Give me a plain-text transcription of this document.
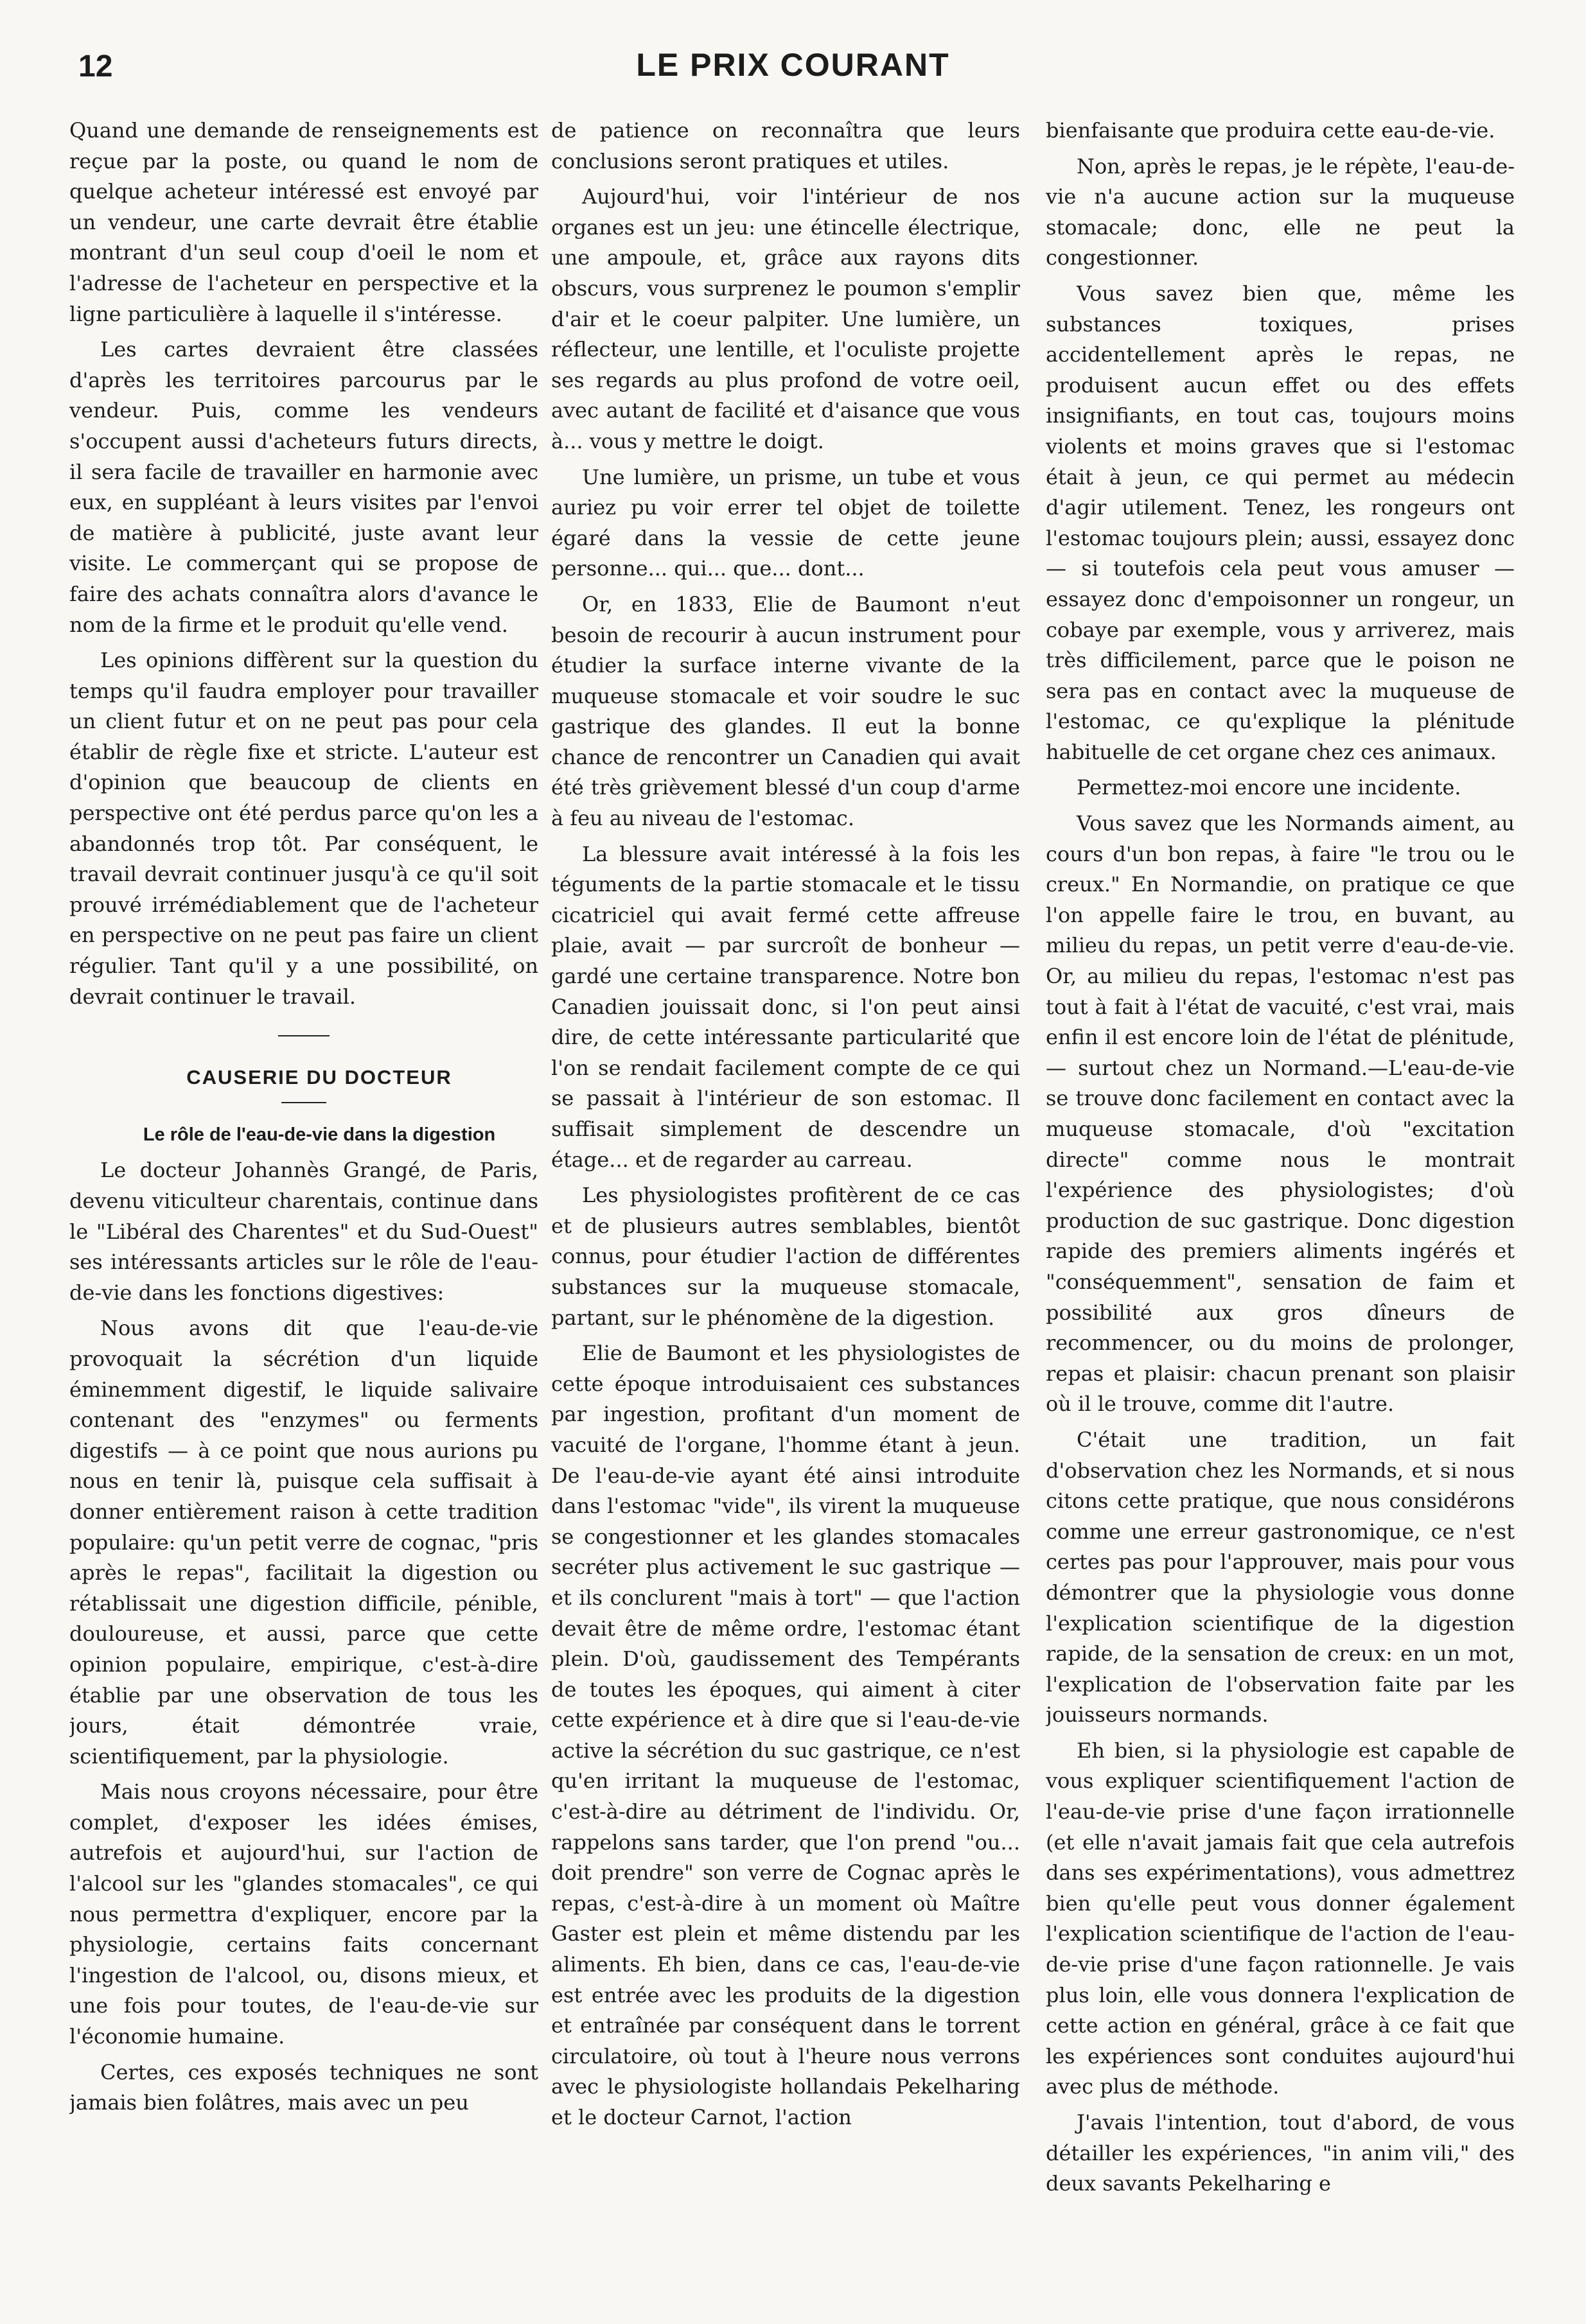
12	LE PRIX COURANT

Quand une demande de renseignements est reçue par la poste, ou quand le nom de quelque acheteur intéressé est envoyé par un vendeur, une carte devrait être établie montrant d'un seul coup d'oeil le nom et l'adresse de l'acheteur en perspective et la ligne particulière à laquelle il s'intéresse.

Les cartes devraient être classées d'après les territoires parcourus par le vendeur. Puis, comme les vendeurs s'occupent aussi d'acheteurs futurs directs, il sera facile de travailler en harmonie avec eux, en suppléant à leurs visites par l'envoi de matière à publicité, juste avant leur visite. Le commerçant qui se propose de faire des achats connaîtra alors d'avance le nom de la firme et le produit qu'elle vend.

Les opinions diffèrent sur la question du temps qu'il faudra employer pour travailler un client futur et on ne peut pas pour cela établir de règle fixe et stricte. L'auteur est d'opinion que beaucoup de clients en perspective ont été perdus parce qu'on les a abandonnés trop tôt. Par conséquent, le travail devrait continuer jusqu'à ce qu'il soit prouvé irrémédiablement que de l'acheteur en perspective on ne peut pas faire un client régulier. Tant qu'il y a une possibilité, on devrait continuer le travail.

CAUSERIE DU DOCTEUR

Le rôle de l'eau-de-vie dans la digestion

Le docteur Johannès Grangé, de Paris, devenu viticulteur charentais, continue dans le "Libéral des Charentes" et du Sud-Ouest" ses intéressants articles sur le rôle de l'eau-de-vie dans les fonctions digestives:

Nous avons dit que l'eau-de-vie provoquait la sécrétion d'un liquide éminemment digestif, le liquide salivaire contenant des "enzymes" ou ferments digestifs — à ce point que nous aurions pu nous en tenir là, puisque cela suffisait à donner entièrement raison à cette tradition populaire: qu'un petit verre de cognac, "pris après le repas", facilitait la digestion ou rétablissait une digestion difficile, pénible, douloureuse, et aussi, parce que cette opinion populaire, empirique, c'est-à-dire établie par une observation de tous les jours, était démontrée vraie, scientifiquement, par la physiologie.

Mais nous croyons nécessaire, pour être complet, d'exposer les idées émises, autrefois et aujourd'hui, sur l'action de l'alcool sur les "glandes stomacales", ce qui nous permettra d'expliquer, encore par la physiologie, certains faits concernant l'ingestion de l'alcool, ou, disons mieux, et une fois pour toutes, de l'eau-de-vie sur l'économie humaine.

Certes, ces exposés techniques ne sont jamais bien folâtres, mais avec un peu

de patience on reconnaîtra que leurs conclusions seront pratiques et utiles.

Aujourd'hui, voir l'intérieur de nos organes est un jeu: une étincelle électrique, une ampoule, et, grâce aux rayons dits obscurs, vous surprenez le poumon s'emplir d'air et le coeur palpiter. Une lumière, un réflecteur, une lentille, et l'oculiste projette ses regards au plus profond de votre oeil, avec autant de facilité et d'aisance que vous à... vous y mettre le doigt.

Une lumière, un prisme, un tube et vous auriez pu voir errer tel objet de toilette égaré dans la vessie de cette jeune personne... qui... que... dont...

Or, en 1833, Elie de Baumont n'eut besoin de recourir à aucun instrument pour étudier la surface interne vivante de la muqueuse stomacale et voir soudre le suc gastrique des glandes. Il eut la bonne chance de rencontrer un Canadien qui avait été très grièvement blessé d'un coup d'arme à feu au niveau de l'estomac.

La blessure avait intéressé à la fois les téguments de la partie stomacale et le tissu cicatriciel qui avait fermé cette affreuse plaie, avait — par surcroît de bonheur — gardé une certaine transparence. Notre bon Canadien jouissait donc, si l'on peut ainsi dire, de cette intéressante particularité que l'on se rendait facilement compte de ce qui se passait à l'intérieur de son estomac. Il suffisait simplement de descendre un étage... et de regarder au carreau.

Les physiologistes profitèrent de ce cas et de plusieurs autres semblables, bientôt connus, pour étudier l'action de différentes substances sur la muqueuse stomacale, partant, sur le phénomène de la digestion.

Elie de Baumont et les physiologistes de cette époque introduisaient ces substances par ingestion, profitant d'un moment de vacuité de l'organe, l'homme étant à jeun. De l'eau-de-vie ayant été ainsi introduite dans l'estomac "vide", ils virent la muqueuse se congestionner et les glandes stomacales secréter plus activement le suc gastrique — et ils conclurent "mais à tort" — que l'action devait être de même ordre, l'estomac étant plein. D'où, gaudissement des Tempérants de toutes les époques, qui aiment à citer cette expérience et à dire que si l'eau-de-vie active la sécrétion du suc gastrique, ce n'est qu'en irritant la muqueuse de l'estomac, c'est-à-dire au détriment de l'individu. Or, rappelons sans tarder, que l'on prend "ou... doit prendre" son verre de Cognac après le repas, c'est-à-dire à un moment où Maître Gaster est plein et même distendu par les aliments. Eh bien, dans ce cas, l'eau-de-vie est entrée avec les produits de la digestion et entraînée par conséquent dans le torrent circulatoire, où tout à l'heure nous verrons avec le physiologiste hollandais Pekelharing et le docteur Carnot, l'action

bienfaisante que produira cette eau-de-vie.

Non, après le repas, je le répète, l'eau-de-vie n'a aucune action sur la muqueuse stomacale; donc, elle ne peut la congestionner.

Vous savez bien que, même les substances toxiques, prises accidentellement après le repas, ne produisent aucun effet ou des effets insignifiants, en tout cas, toujours moins violents et moins graves que si l'estomac était à jeun, ce qui permet au médecin d'agir utilement. Tenez, les rongeurs ont l'estomac toujours plein; aussi, essayez donc — si toutefois cela peut vous amuser — essayez donc d'empoisonner un rongeur, un cobaye par exemple, vous y arriverez, mais très difficilement, parce que le poison ne sera pas en contact avec la muqueuse de l'estomac, ce qu'explique la plénitude habituelle de cet organe chez ces animaux.

Permettez-moi encore une incidente.

Vous savez que les Normands aiment, au cours d'un bon repas, à faire "le trou ou le creux." En Normandie, on pratique ce que l'on appelle faire le trou, en buvant, au milieu du repas, un petit verre d'eau-de-vie. Or, au milieu du repas, l'estomac n'est pas tout à fait à l'état de vacuité, c'est vrai, mais enfin il est encore loin de l'état de plénitude, — surtout chez un Normand.—L'eau-de-vie se trouve donc facilement en contact avec la muqueuse stomacale, d'où "excitation directe" comme nous le montrait l'expérience des physiologistes; d'où production de suc gastrique. Donc digestion rapide des premiers aliments ingérés et "conséquemment", sensation de faim et possibilité aux gros dîneurs de recommencer, ou du moins de prolonger, repas et plaisir: chacun prenant son plaisir où il le trouve, comme dit l'autre.

C'était une tradition, un fait d'observation chez les Normands, et si nous citons cette pratique, que nous considérons comme une erreur gastronomique, ce n'est certes pas pour l'approuver, mais pour vous démontrer que la physiologie vous donne l'explication scientifique de la digestion rapide, de la sensation de creux: en un mot, l'explication de l'observation faite par les jouisseurs normands.

Eh bien, si la physiologie est capable de vous expliquer scientifiquement l'action de l'eau-de-vie prise d'une façon irrationnelle (et elle n'avait jamais fait que cela autrefois dans ses expérimentations), vous admettrez bien qu'elle peut vous donner également l'explication scientifique de l'action de l'eau-de-vie prise d'une façon rationnelle. Je vais plus loin, elle vous donnera l'explication de cette action en général, grâce à ce fait que les expériences sont conduites aujourd'hui avec plus de méthode.

J'avais l'intention, tout d'abord, de vous détailler les expériences, "in anim vili," des deux savants Pekelharing e
